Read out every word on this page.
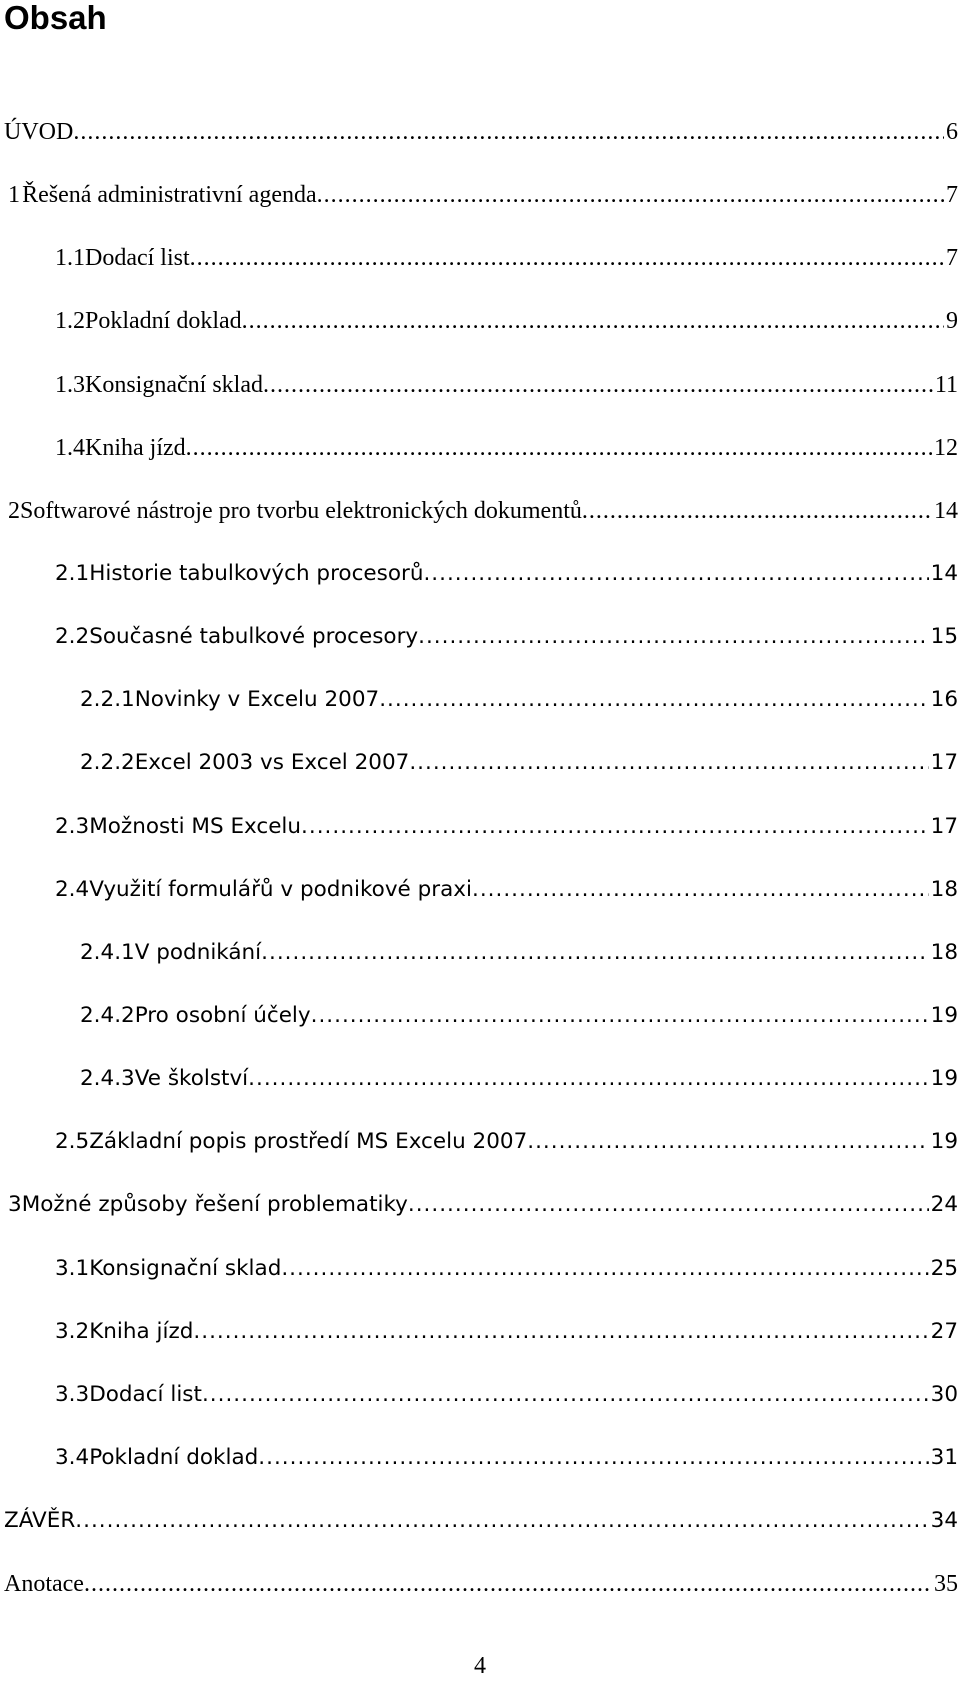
Obsah
ÚVOD .....	6
1 Řešená administrativní agenda .....	7
1.1 Dodací list .....	7
1.2 Pokladní doklad .....	9
1.3 Konsignační sklad .....	11
1.4 Kniha jízd .....	12
2 Softwarové nástroje pro tvorbu elektronických dokumentů .....	14
2.1 Historie tabulkových procesorů .....	14
2.2 Současné tabulkové procesory .....	15
2.2.1 Novinky v Excelu 2007 .....	16
2.2.2 Excel 2003 vs Excel 2007 .....	17
2.3 Možnosti MS Excelu .....	17
2.4 Využití formulářů v podnikové praxi .....	18
2.4.1 V podnikání .....	18
2.4.2 Pro osobní účely .....	19
2.4.3 Ve školství .....	19
2.5 Základní popis prostředí MS Excelu 2007 .....	19
3 Možné způsoby řešení problematiky .....	24
3.1 Konsignační sklad .....	25
3.2 Kniha jízd .....	27
3.3 Dodací list .....	30
3.4 Pokladní doklad .....	31
ZÁVĚR .....	34
Anotace .....	35
4
